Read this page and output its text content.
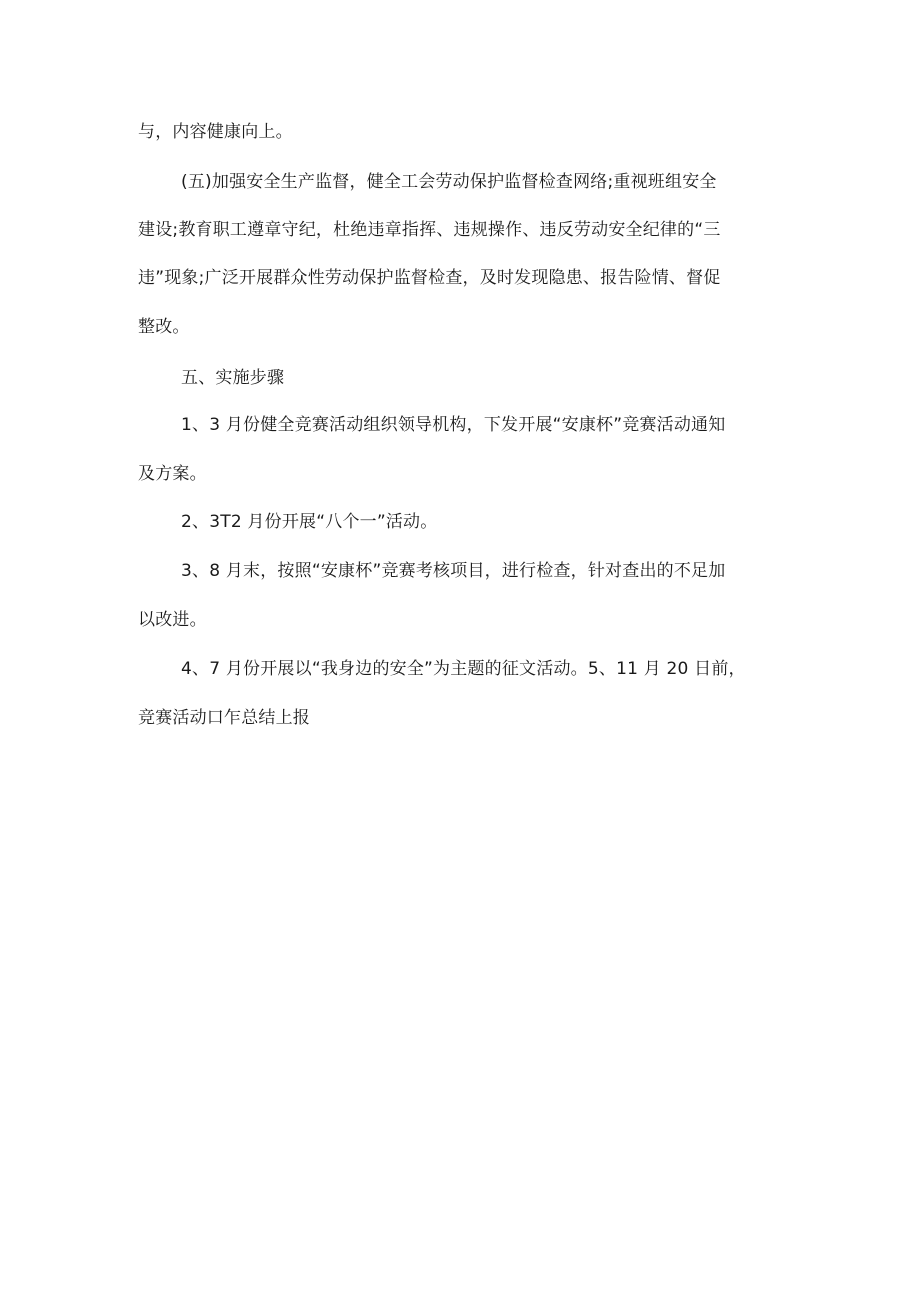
与，内容健康向上。
(五)加强安全生产监督，健全工会劳动保护监督检查网络;重视班组安全
建设;教育职工遵章守纪，杜绝违章指挥、违规操作、违反劳动安全纪律的“三
违”现象;广泛开展群众性劳动保护监督检查，及时发现隐患、报告险情、督促
整改。
五、实施步骤
1、3 月份健全竞赛活动组织领导机构，下发开展“安康杯”竞赛活动通知
及方案。
2、3T2 月份开展“八个一”活动。
3、8 月末，按照“安康杯”竞赛考核项目，进行检查，针对查出的不足加
以改进。
4、7 月份开展以“我身边的安全”为主题的征文活动。5、11 月 20 日前，
竞赛活动口乍总结上报
